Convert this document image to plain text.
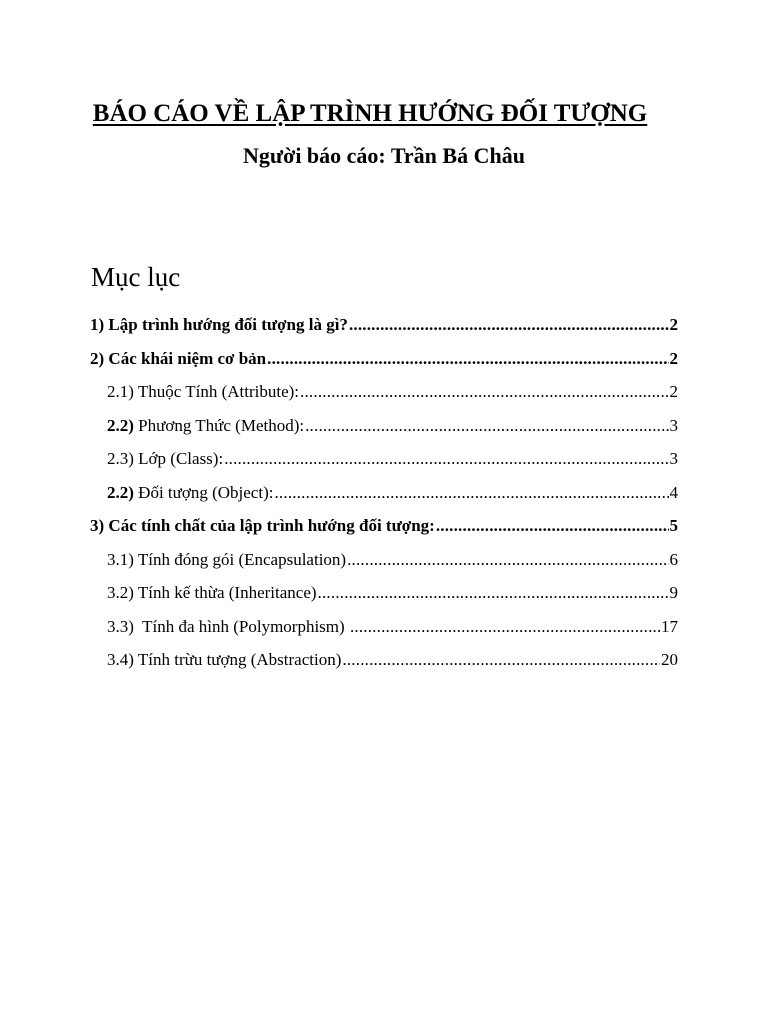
BÁO CÁO VỀ LẬP TRÌNH HƯỚNG ĐỐI TƯỢNG
Người báo cáo: Trần Bá Châu
Mục lục
1) Lập trình hướng đối tượng là gì? .....	2
2) Các khái niệm cơ bản .....	2
2.1) Thuộc Tính (Attribute): .....	2
2.2) Phương Thức (Method): .....	3
2.3) Lớp (Class): .....	3
2.2) Đối tượng (Object): .....	4
3) Các tính chất của lập trình hướng đối tượng: .....	5
3.1) Tính đóng gói (Encapsulation) .....	6
3.2) Tính kế thừa (Inheritance) .....	9
3.3)  Tính đa hình (Polymorphism) .....	17
3.4) Tính trừu tượng (Abstraction) .....	20
